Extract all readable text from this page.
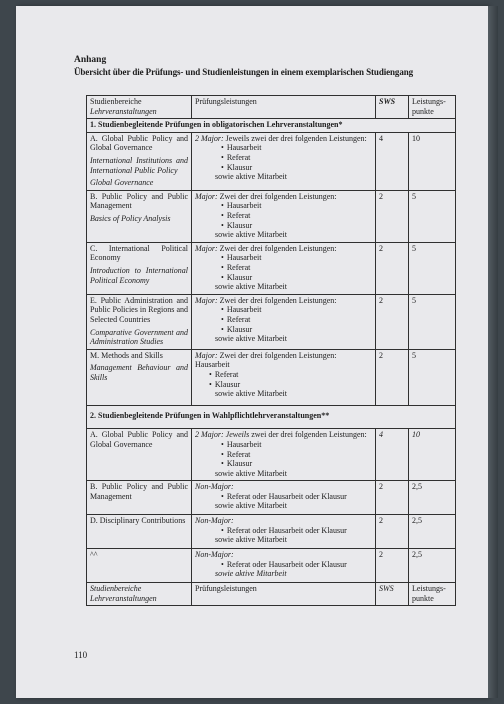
Anhang
Übersicht über die Prüfungs- und Studienleistungen in einem exemplarischen Studiengang
Studienbereiche
Lehrveranstaltungen	Prüfungsleistungen	SWS	Leistungs-
punkte
1. Studienbegleitende Prüfungen in obligatorischen Lehrveranstaltungen*			
A. Global Public Policy and Global Governance
International Institutions and International Public Policy
Global Governance	2 Major: Jeweils zwei der drei folgenden Leistungen:
• Hausarbeit
• Referat
• Klausur
sowie aktive Mitarbeit	4	10
B. Public Policy and Public Management
Basics of Policy Analysis	Major: Zwei der drei folgenden Leistungen:
• Hausarbeit
• Referat
• Klausur
sowie aktive Mitarbeit	2	5
C. International Political Economy
Introduction to International Political Economy	Major: Zwei der drei folgenden Leistungen:
• Hausarbeit
• Referat
• Klausur
sowie aktive Mitarbeit	2	5
E. Public Administration and Public Policies in Regions and Selected Countries
Comparative Government and Administration Studies	Major: Zwei der drei folgenden Leistungen:
• Hausarbeit
• Referat
• Klausur
sowie aktive Mitarbeit	2	5
M. Methods and Skills
Management Behaviour and Skills	Major: Zwei der drei folgenden Leistungen:
Hausarbeit
• Referat
• Klausur
sowie aktive Mitarbeit	2	5
2. Studienbegleitende Prüfungen in Wahlpflichtlehrveranstaltungen**			
A. Global Public Policy and Global Governance	2 Major: Jeweils zwei der drei folgenden Leistungen:
• Hausarbeit
• Referat
• Klausur
sowie aktive Mitarbeit	4	10
B. Public Policy and Public Management	Non-Major:
• Referat oder Hausarbeit oder Klausur
sowie aktive Mitarbeit	2	2,5
D. Disciplinary Contributions	Non-Major:
• Referat oder Hausarbeit oder Klausur
sowie aktive Mitarbeit	2	2,5
^^	Non-Major:
• Referat oder Hausarbeit oder Klausur
sowie aktive Mitarbeit	2	2,5
Studienbereiche
Lehrveranstaltungen	Prüfungsleistungen	SWS	Leistungs-
punkte
110
